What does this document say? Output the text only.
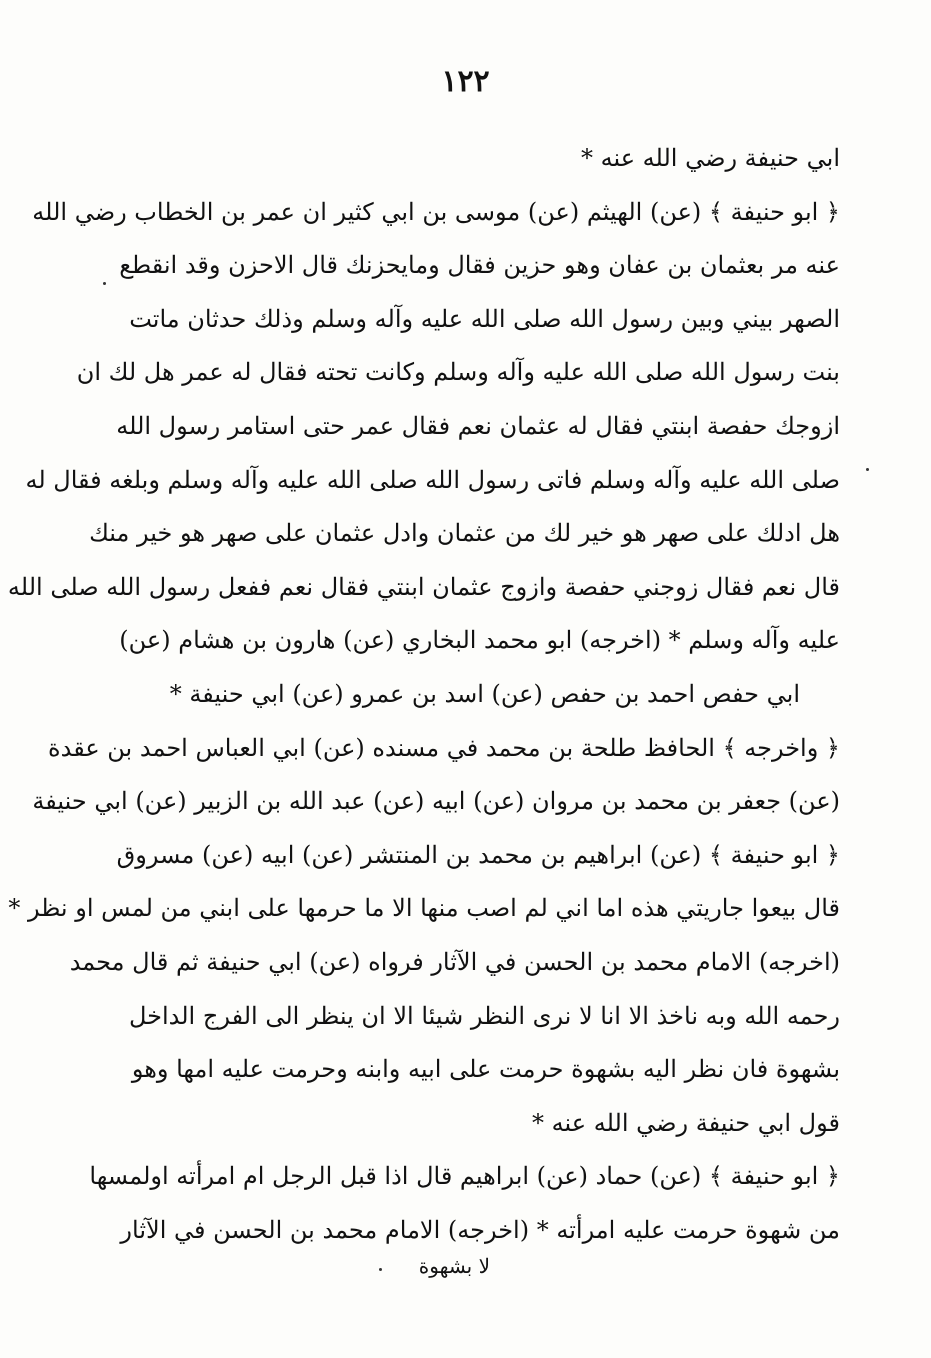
١٢٢
ابي حنيفة رضي الله عنه *
﴿ ابو حنيفة ﴾ (عن) الهيثم (عن) موسى بن ابي كثير ان عمر بن الخطاب رضي الله
عنه مر بعثمان بن عفان وهو حزين فقال ومايحزنك قال الاحزن وقد انقطع
الصهر بيني وبين رسول الله صلى الله عليه وآله وسلم وذلك حدثان ماتت
بنت رسول الله صلى الله عليه وآله وسلم وكانت تحته فقال له عمر هل لك ان
ازوجك حفصة ابنتي فقال له عثمان نعم فقال عمر حتى استامر رسول الله
صلى الله عليه وآله وسلم فاتى رسول الله صلى الله عليه وآله وسلم وبلغه فقال له
هل ادلك على صهر هو خير لك من عثمان وادل عثمان على صهر هو خير منك
قال نعم فقال زوجني حفصة وازوج عثمان ابنتي فقال نعم ففعل رسول الله صلى الله
عليه وآله وسلم * (اخرجه) ابو محمد البخاري (عن) هارون بن هشام (عن)
ابي حفص احمد بن حفص (عن) اسد بن عمرو (عن) ابي حنيفة *
﴿ واخرجه ﴾ الحافظ طلحة بن محمد في مسنده (عن) ابي العباس احمد بن عقدة
(عن) جعفر بن محمد بن مروان (عن) ابيه (عن) عبد الله بن الزبير (عن) ابي حنيفة
﴿ ابو حنيفة ﴾ (عن) ابراهيم بن محمد بن المنتشر (عن) ابيه (عن) مسروق
قال بيعوا جاريتي هذه اما اني لم اصب منها الا ما حرمها على ابني من لمس او نظر *
(اخرجه) الامام محمد بن الحسن في الآثار فرواه (عن) ابي حنيفة ثم قال محمد
رحمه الله وبه ناخذ الا انا لا نرى النظر شيئا الا ان ينظر الى الفرج الداخل
بشهوة فان نظر اليه بشهوة حرمت على ابيه وابنه وحرمت عليه امها وهو
قول ابي حنيفة رضي الله عنه *
﴿ ابو حنيفة ﴾ (عن) حماد (عن) ابراهيم قال اذا قبل الرجل ام امرأته اولمسها
من شهوة حرمت عليه امرأته * (اخرجه) الامام محمد بن الحسن في الآثار
لا بشهوة
